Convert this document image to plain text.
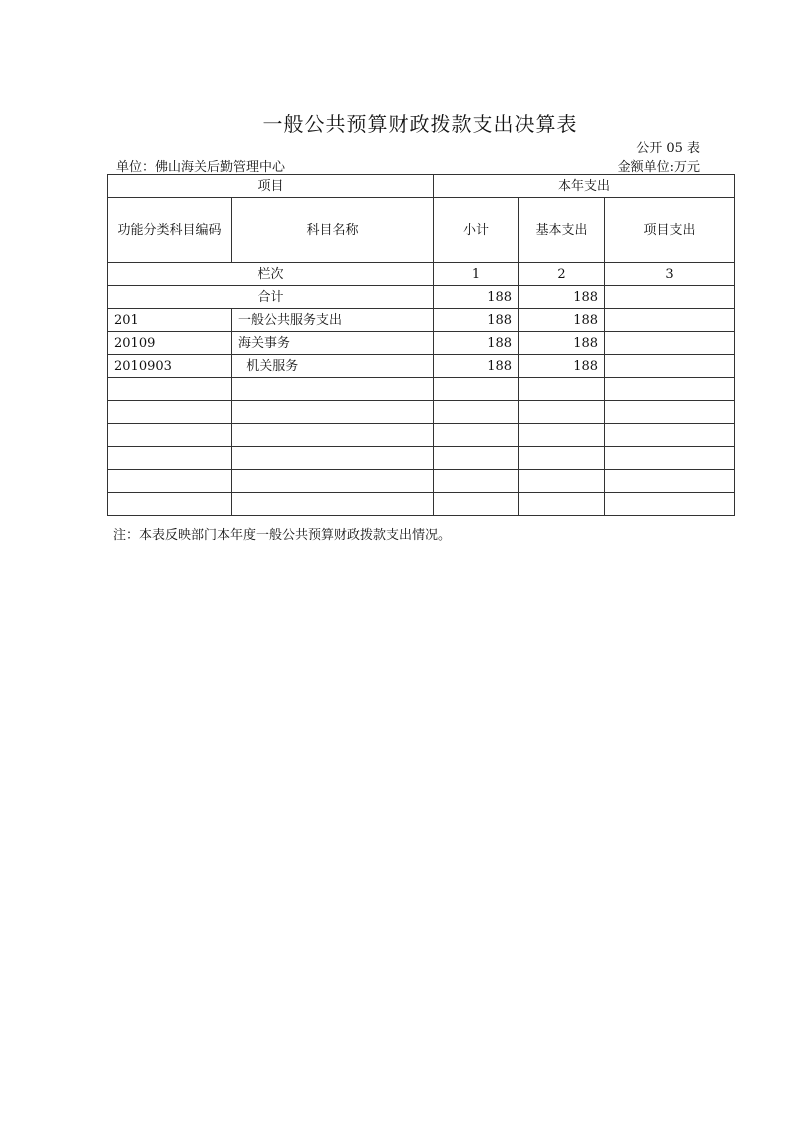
一般公共预算财政拨款支出决算表
公开 05 表
单位：佛山海关后勤管理中心	金额单位:万元
项目		本年支出		
功能分类科目编码	科目名称	小计	基本支出	项目支出
栏次		1	2	3
合计		188	188	
201	一般公共服务支出	188	188	
20109	海关事务	188	188	
2010903	机关服务	188	188	

注：本表反映部门本年度一般公共预算财政拨款支出情况。
